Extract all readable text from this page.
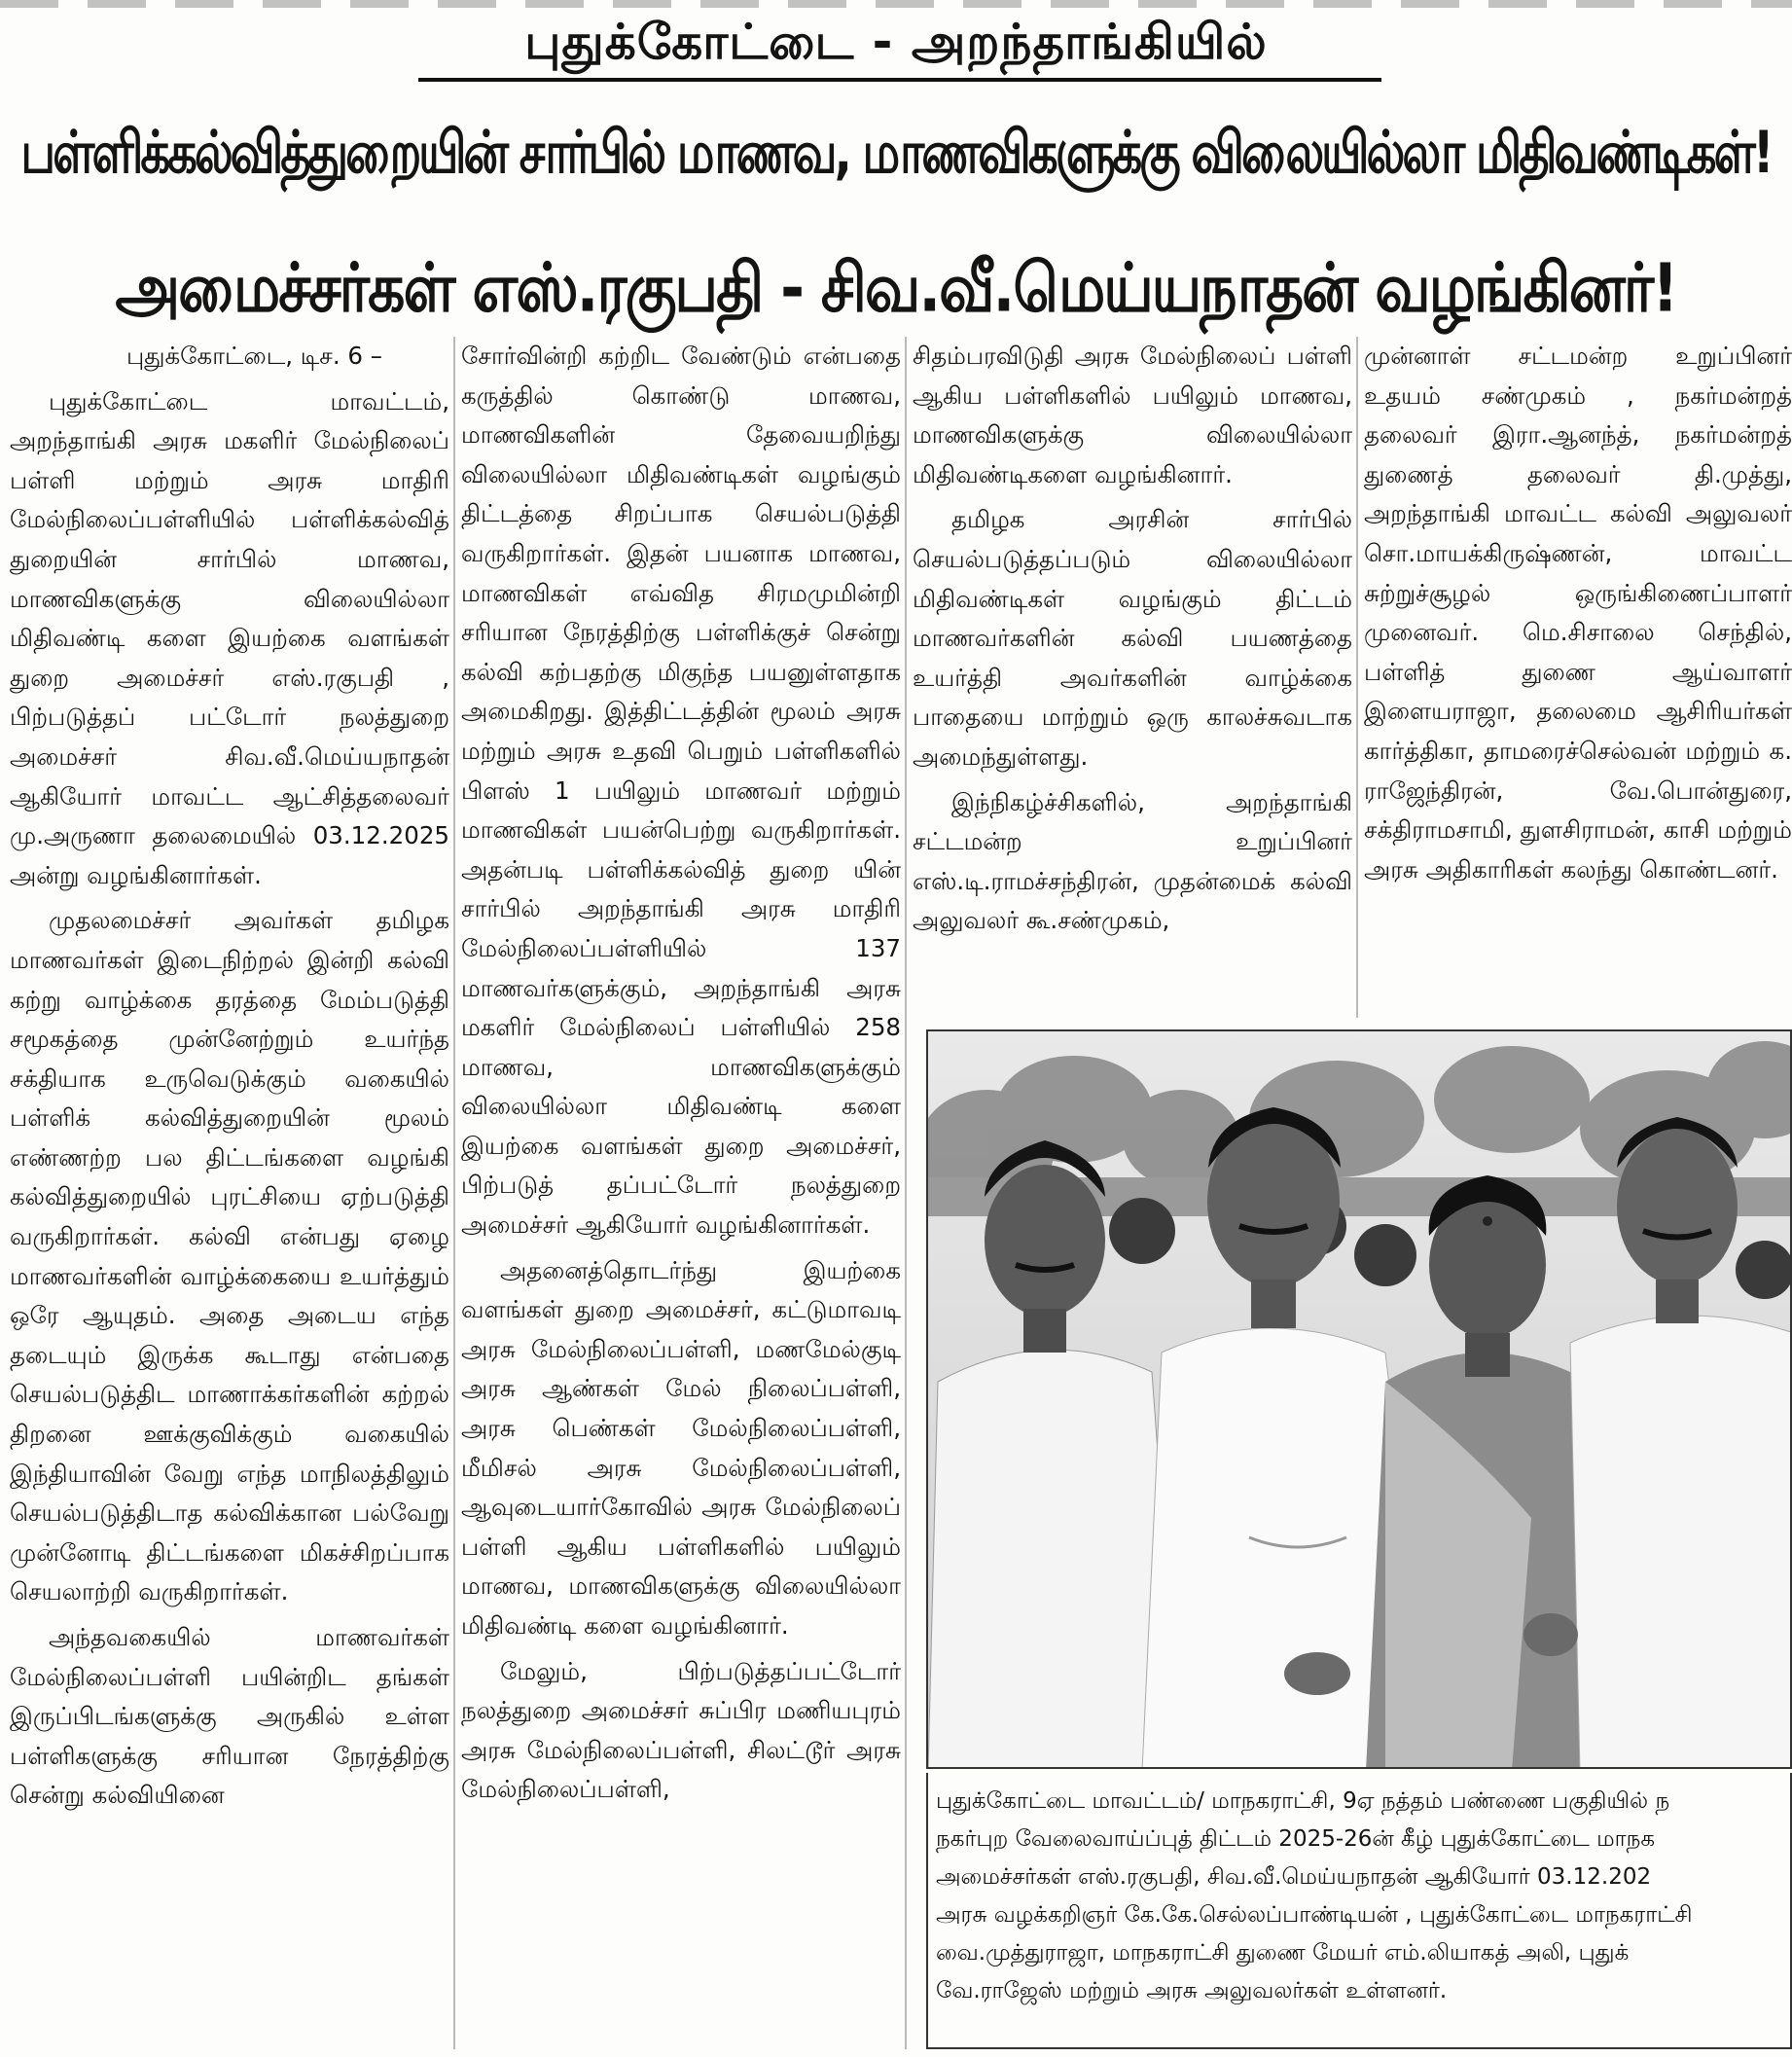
புதுக்கோட்டை - அறந்தாங்கியில்
பள்ளிக்கல்வித்துறையின் சார்பில் மாணவ, மாணவிகளுக்கு விலையில்லா மிதிவண்டிகள்!
அமைச்சர்கள் எஸ்.ரகுபதி - சிவ.வீ.மெய்யநாதன் வழங்கினர்!

புதுக்கோட்டை, டிச. 6 –

புதுக்கோட்டை மாவட்டம், அறந்தாங்கி அரசு மகளிர் மேல்நிலைப் பள்ளி மற்றும் அரசு மாதிரி மேல்நிலைப்பள்ளியில் பள்ளிக்கல்வித் துறையின் சார்பில் மாணவ, மாணவிகளுக்கு விலையில்லா மிதிவண்டி களை இயற்கை வளங்கள் துறை அமைச்சர் எஸ்.ரகுபதி , பிற்படுத்தப் பட்டோர் நலத்துறை அமைச்சர் சிவ.வீ.மெய்யநாதன் ஆகியோர் மாவட்ட ஆட்சித்தலைவர் மு.அருணா தலைமையில் 03.12.2025 அன்று வழங்கினார்கள்.

முதலமைச்சர் அவர்கள் தமிழக மாணவர்கள் இடைநிற்றல் இன்றி கல்வி கற்று வாழ்க்கை தரத்தை மேம்படுத்தி சமூகத்தை முன்னேற்றும் உயர்ந்த சக்தியாக உருவெடுக்கும் வகையில் பள்ளிக் கல்வித்துறையின் மூலம் எண்ணற்ற பல திட்டங்களை வழங்கி கல்வித்துறையில் புரட்சியை ஏற்படுத்தி வருகிறார்கள். கல்வி என்பது ஏழை மாணவர்களின் வாழ்க்கையை உயர்த்தும் ஒரே ஆயுதம். அதை அடைய எந்த தடையும் இருக்க கூடாது என்பதை செயல்படுத்திட மாணாக்கர்களின் கற்றல் திறனை ஊக்குவிக்கும் வகையில் இந்தியாவின் வேறு எந்த மாநிலத்திலும் செயல்படுத்திடாத கல்விக்கான பல்வேறு முன்னோடி திட்டங்களை மிகச்சிறப்பாக செயலாற்றி வருகிறார்கள்.

அந்தவகையில் மாணவர்கள் மேல்நிலைப்பள்ளி பயின்றிட தங்கள் இருப்பிடங்களுக்கு அருகில் உள்ள பள்ளிகளுக்கு சரியான நேரத்திற்கு சென்று கல்வியினை

சோர்வின்றி கற்றிட வேண்டும் என்பதை கருத்தில் கொண்டு மாணவ, மாணவிகளின் தேவையறிந்து விலையில்லா மிதிவண்டிகள் வழங்கும் திட்டத்தை சிறப்பாக செயல்படுத்தி வருகிறார்கள். இதன் பயனாக மாணவ, மாணவிகள் எவ்வித சிரமமுமின்றி சரியான நேரத்திற்கு பள்ளிக்குச் சென்று கல்வி கற்பதற்கு மிகுந்த பயனுள்ளதாக அமைகிறது. இத்திட்டத்தின் மூலம் அரசு மற்றும் அரசு உதவி பெறும் பள்ளிகளில் பிளஸ் 1 பயிலும் மாணவர் மற்றும் மாணவிகள் பயன்பெற்று வருகிறார்கள். அதன்படி பள்ளிக்கல்வித் துறை யின் சார்பில் அறந்தாங்கி அரசு மாதிரி மேல்நிலைப்பள்ளியில் 137 மாணவர்களுக்கும், அறந்தாங்கி அரசு மகளிர் மேல்நிலைப் பள்ளியில் 258 மாணவ, மாணவிகளுக்கும் விலையில்லா மிதிவண்டி களை இயற்கை வளங்கள் துறை அமைச்சர், பிற்படுத் தப்பட்டோர் நலத்துறை அமைச்சர் ஆகியோர் வழங்கினார்கள்.

அதனைத்தொடர்ந்து இயற்கை வளங்கள் துறை அமைச்சர், கட்டுமாவடி அரசு மேல்நிலைப்பள்ளி, மணமேல்குடி அரசு ஆண்கள் மேல் நிலைப்பள்ளி, அரசு பெண்கள் மேல்நிலைப்பள்ளி, மீமிசல் அரசு மேல்நிலைப்பள்ளி, ஆவுடையார்கோவில் அரசு மேல்நிலைப் பள்ளி ஆகிய பள்ளிகளில் பயிலும் மாணவ, மாணவிகளுக்கு விலையில்லா மிதிவண்டி களை வழங்கினார்.

மேலும், பிற்படுத்தப்பட்டோர் நலத்துறை அமைச்சர் சுப்பிர மணியபுரம் அரசு மேல்நிலைப்பள்ளி, சிலட்டூர் அரசு மேல்நிலைப்பள்ளி,

சிதம்பரவிடுதி அரசு மேல்நிலைப் பள்ளி ஆகிய பள்ளிகளில் பயிலும் மாணவ, மாணவிகளுக்கு விலையில்லா மிதிவண்டிகளை வழங்கினார்.

தமிழக அரசின் சார்பில் செயல்படுத்தப்படும் விலையில்லா மிதிவண்டிகள் வழங்கும் திட்டம் மாணவர்களின் கல்வி பயணத்தை உயர்த்தி அவர்களின் வாழ்க்கை பாதையை மாற்றும் ஒரு காலச்சுவடாக அமைந்துள்ளது.

இந்நிகழ்ச்சிகளில், அறந்தாங்கி சட்டமன்ற உறுப்பினர் எஸ்.டி.ராமச்சந்திரன், முதன்மைக் கல்வி அலுவலர் கூ.சண்முகம்,

முன்னாள் சட்டமன்ற உறுப்பினர் உதயம் சண்முகம் , நகர்மன்றத் தலைவர் இரா.ஆனந்த், நகர்மன்றத் துணைத் தலைவர் தி.முத்து, அறந்தாங்கி மாவட்ட கல்வி அலுவலர் சொ.மாயக்கிருஷ்ணன், மாவட்ட சுற்றுச்சூழல் ஒருங்கிணைப்பாளர் முனைவர். மெ.சிசாலை செந்தில், பள்ளித் துணை ஆய்வாளர் இளையராஜா, தலைமை ஆசிரியர்கள் கார்த்திகா, தாமரைச்செல்வன் மற்றும் க. ராஜேந்திரன், வே.பொன்துரை, சக்திராமசாமி, துளசிராமன், காசி மற்றும் அரசு அதிகாரிகள் கலந்து கொண்டனர்.

புதுக்கோட்டை மாவட்டம்/ மாநகராட்சி, 9ஏ நத்தம் பண்ணை பகுதியில் ந
நகர்புற வேலைவாய்ப்புத் திட்டம் 2025-26ன் கீழ் புதுக்கோட்டை மாநக
அமைச்சர்கள் எஸ்.ரகுபதி, சிவ.வீ.மெய்யநாதன் ஆகியோர் 03.12.202
அரசு வழக்கறிஞர் கே.கே.செல்லப்பாண்டியன் , புதுக்கோட்டை மாநகராட்சி
வை.முத்துராஜா, மாநகராட்சி துணை மேயர் எம்.லியாகத் அலி, புதுக்
வே.ராஜேஸ் மற்றும் அரசு அலுவலர்கள் உள்ளனர்.
